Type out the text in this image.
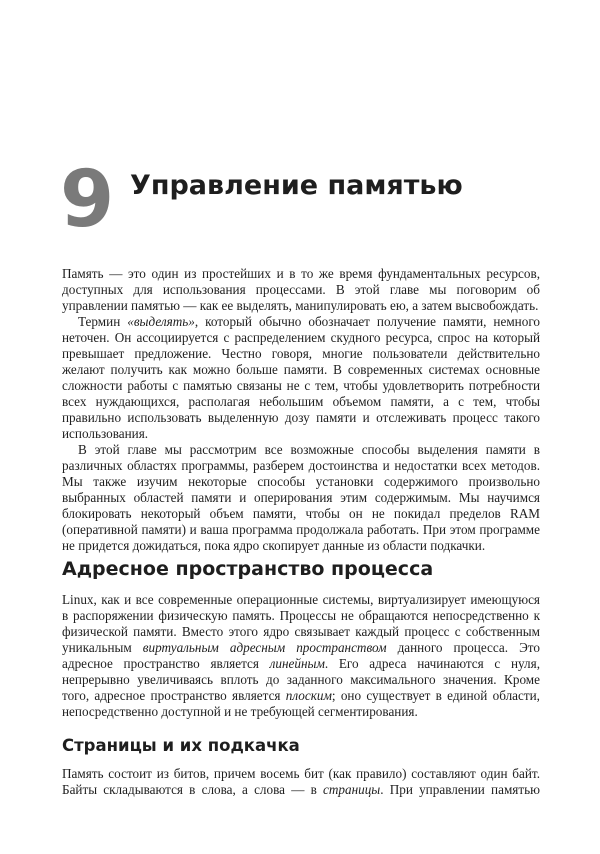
9 Управление памятью

Память — это один из простейших и в то же время фундаментальных ресурсов, доступных для использования процессами. В этой главе мы поговорим об управлении памятью — как ее выделять, манипулировать ею, а затем высвобождать.

Термин «выделять», который обычно обозначает получение памяти, немного неточен. Он ассоциируется с распределением скудного ресурса, спрос на который превышает предложение. Честно говоря, многие пользователи действительно желают получить как можно больше памяти. В современных системах основные сложности работы с памятью связаны не с тем, чтобы удовлетворить потребности всех нуждающихся, располагая небольшим объемом памяти, а с тем, чтобы правильно использовать выделенную дозу памяти и отслеживать процесс такого использования.

В этой главе мы рассмотрим все возможные способы выделения памяти в различных областях программы, разберем достоинства и недостатки всех методов. Мы также изучим некоторые способы установки содержимого произвольно выбранных областей памяти и оперирования этим содержимым. Мы научимся блокировать некоторый объем памяти, чтобы он не покидал пределов RAM (оперативной памяти) и ваша программа продолжала работать. При этом программе не придется дожидаться, пока ядро скопирует данные из области подкачки.

Адресное пространство процесса

Linux, как и все современные операционные системы, виртуализирует имеющуюся в распоряжении физическую память. Процессы не обращаются непосредственно к физической памяти. Вместо этого ядро связывает каждый процесс с собственным уникальным виртуальным адресным пространством данного процесса. Это адресное пространство является линейным. Его адреса начинаются с нуля, непрерывно увеличиваясь вплоть до заданного максимального значения. Кроме того, адресное пространство является плоским; оно существует в единой области, непосредственно доступной и не требующей сегментирования.

Страницы и их подкачка

Память состоит из битов, причем восемь бит (как правило) составляют один байт. Байты складываются в слова, а слова — в страницы. При управлении памятью
